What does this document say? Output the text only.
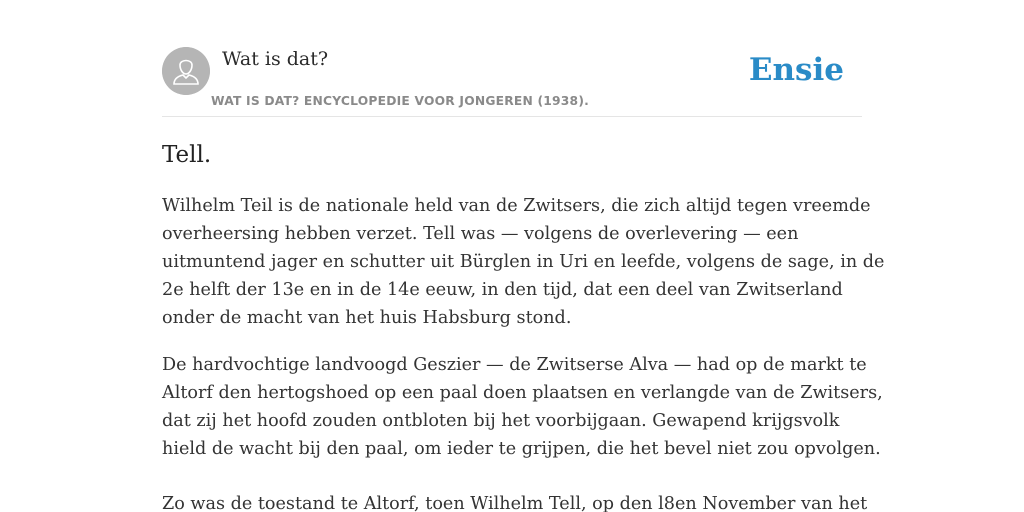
Wat is dat?
WAT IS DAT? ENCYCLOPEDIE VOOR JONGEREN (1938).
Ensie
Tell.
Wilhelm Teil is de nationale held van de Zwitsers, die zich altijd tegen vreemde
overheersing hebben verzet. Tell was — volgens de overlevering — een
uitmuntend jager en schutter uit Bürglen in Uri en leefde, volgens de sage, in de
2e helft der 13e en in de 14e eeuw, in den tijd, dat een deel van Zwitserland
onder de macht van het huis Habsburg stond.
De hardvochtige landvoogd Geszier — de Zwitserse Alva — had op de markt te
Altorf den hertogshoed op een paal doen plaatsen en verlangde van de Zwitsers,
dat zij het hoofd zouden ontbloten bij het voorbijgaan. Gewapend krijgsvolk
hield de wacht bij den paal, om ieder te grijpen, die het bevel niet zou opvolgen.
Zo was de toestand te Altorf, toen Wilhelm Tell, op den l8en November van het
